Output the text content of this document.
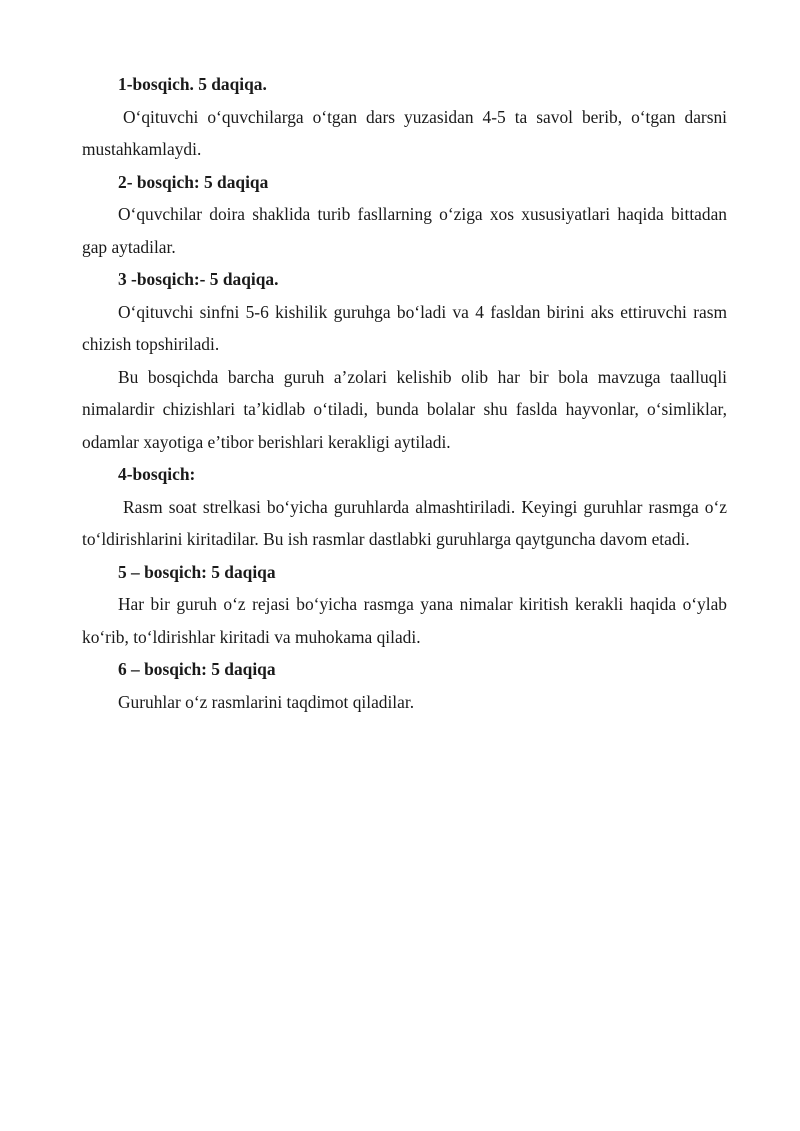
1-bosqich. 5 daqiqa.

O‘qituvchi o‘quvchilarga o‘tgan dars yuzasidan 4-5 ta savol berib, o‘tgan darsni mustahkamlaydi.

2- bosqich: 5 daqiqa

O‘quvchilar doira shaklida turib fasllarning o‘ziga xos xususiyatlari haqida bittadan gap aytadilar.

3 -bosqich:- 5 daqiqa.

O‘qituvchi sinfni 5-6 kishilik guruhga bo‘ladi va 4 fasldan birini aks ettiruvchi rasm chizish topshiriladi.

Bu bosqichda barcha guruh a’zolari kelishib olib har bir bola mavzuga taalluqli nimalardir chizishlari ta’kidlab o‘tiladi, bunda bolalar shu faslda hayvonlar, o‘simliklar, odamlar xayotiga e’tibor berishlari kerakligi aytiladi.

4-bosqich:

Rasm soat strelkasi bo‘yicha guruhlarda almashtiriladi. Keyingi guruhlar rasmga o‘z to‘ldirishlarini kiritadilar. Bu ish rasmlar dastlabki guruhlarga qaytguncha davom etadi.

5 – bosqich: 5 daqiqa

Har bir guruh o‘z rejasi bo‘yicha rasmga yana nimalar kiritish kerakli haqida o‘ylab ko‘rib, to‘ldirishlar kiritadi va muhokama qiladi.

6 – bosqich: 5 daqiqa

Guruhlar o‘z rasmlarini taqdimot qiladilar.
